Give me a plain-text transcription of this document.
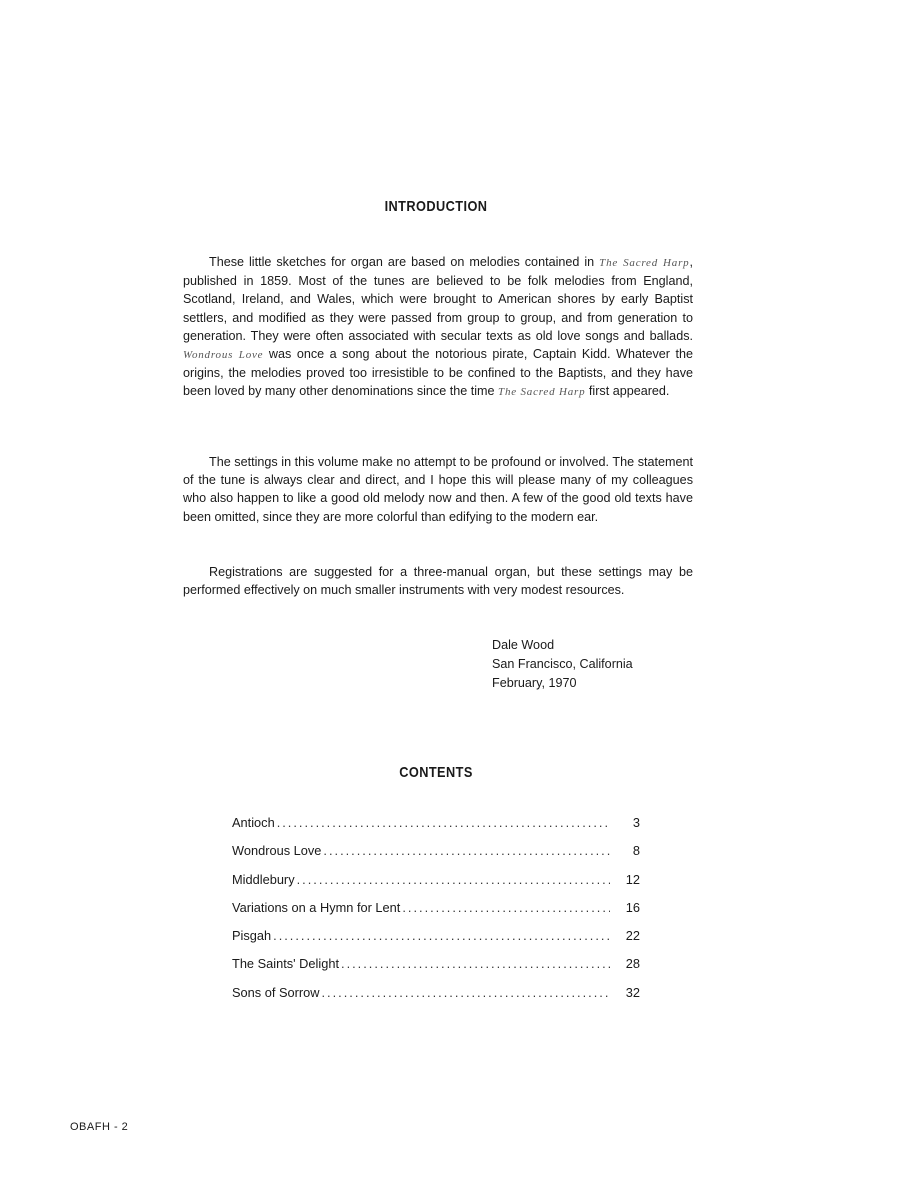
INTRODUCTION

These little sketches for organ are based on melodies contained in The Sacred Harp, published in 1859. Most of the tunes are believed to be folk melodies from England, Scotland, Ireland, and Wales, which were brought to American shores by early Baptist settlers, and modified as they were passed from group to group, and from generation to generation. They were often associated with secular texts as old love songs and ballads. Wondrous Love was once a song about the notorious pirate, Captain Kidd. Whatever the origins, the melodies proved too irresistible to be confined to the Baptists, and they have been loved by many other denominations since the time The Sacred Harp first appeared.

The settings in this volume make no attempt to be profound or involved. The statement of the tune is always clear and direct, and I hope this will please many of my colleagues who also happen to like a good old melody now and then. A few of the good old texts have been omitted, since they are more colorful than edifying to the modern ear.

Registrations are suggested for a three-manual organ, but these settings may be performed effectively on much smaller instruments with very modest resources.

Dale Wood
San Francisco, California
February, 1970
CONTENTS
Antioch .....	3
Wondrous Love .....	8
Middlebury .....	12
Variations on a Hymn for Lent .....	16
Pisgah .....	22
The Saints' Delight .....	28
Sons of Sorrow .....	32
OBAFH - 2
